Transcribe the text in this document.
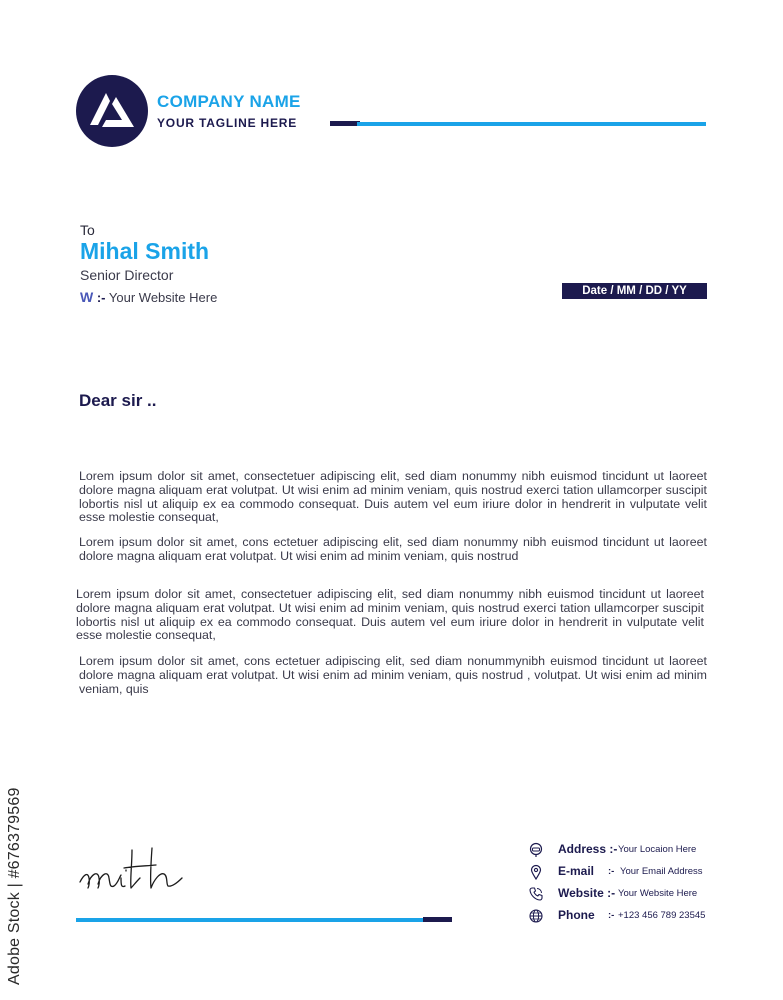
COMPANY NAME
YOUR TAGLINE HERE
To
Mihal Smith
Senior Director
W :- Your Website Here	Date / MM / DD / YY
Dear sir ..
Lorem ipsum dolor sit amet, consectetuer adipiscing elit, sed diam nonummy nibh euismod tincidunt ut laoreet dolore magna aliquam erat volutpat. Ut wisi enim ad minim veniam, quis nostrud exerci tation ullamcorper suscipit lobortis nisl ut aliquip ex ea commodo consequat. Duis autem vel eum iriure dolor in hendrerit in vulputate velit esse molestie consequat,
Lorem ipsum dolor sit amet, cons ectetuer adipiscing elit, sed diam nonummy nibh euismod tincidunt ut laoreet dolore magna aliquam erat volutpat. Ut wisi enim ad minim veniam, quis nostrud
Lorem ipsum dolor sit amet, consectetuer adipiscing elit, sed diam nonummy nibh euismod tincidunt ut laoreet dolore magna aliquam erat volutpat. Ut wisi enim ad minim veniam, quis nostrud exerci tation ullamcorper suscipit lobortis nisl ut aliquip ex ea commodo consequat. Duis autem vel eum iriure dolor in hendrerit in vulputate velit esse molestie consequat,
Lorem ipsum dolor sit amet, cons ectetuer adipiscing elit, sed diam nonummynibh euismod tincidunt ut laoreet dolore magna aliquam erat volutpat. Ut wisi enim ad minim veniam, quis nostrud , volutpat. Ut wisi enim ad minim veniam, quis
Address :- Your Locaion Here
E-mail :- Your Email Address
Website :- Your Website Here
Phone :- +123 456 789 23545
Adobe Stock | #676379569
